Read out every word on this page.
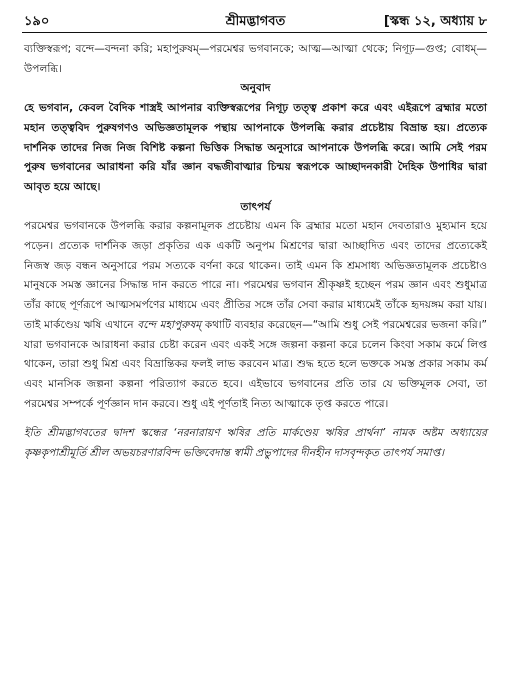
১৯০	শ্রীমদ্ভাগবত	[স্কন্ধ ১২, অধ্যায় ৮

ব্যক্তিস্বরূপ; বন্দে—বন্দনা করি; মহাপুরুষম্—পরমেশ্বর ভগবানকে; আত্ম—আত্মা থেকে; নিগূঢ়—গুপ্ত; বোধম্—উপলব্ধি।

অনুবাদ

হে ভগবান, কেবল বৈদিক শাস্ত্রই আপনার ব্যক্তিস্বরূপের নিগূঢ় তত্ত্ব প্রকাশ করে এবং এইরূপে ব্রহ্মার মতো মহান তত্ত্ববিদ পুরুষগণও অভিজ্ঞতামূলক পন্থায় আপনাকে উপলব্ধি করার প্রচেষ্টায় বিভ্রান্ত হয়। প্রত্যেক দার্শনিক তাদের নিজ নিজ বিশিষ্ট কল্পনা ভিত্তিক সিদ্ধান্ত অনুসারে আপনাকে উপলব্ধি করে। আমি সেই পরম পুরুষ ভগবানের আরাধনা করি যাঁর জ্ঞান বদ্ধজীবাত্মার চিন্ময় স্বরূপকে আচ্ছাদনকারী দৈহিক উপাধির দ্বারা আবৃত হয়ে আছে।

তাৎপর্য

পরমেশ্বর ভগবানকে উপলব্ধি করার কল্পনামূলক প্রচেষ্টায় এমন কি ব্রহ্মার মতো মহান দেবতারাও মুহ্যমান হয়ে পড়েন। প্রত্যেক দার্শনিক জড়া প্রকৃতির এক একটি অনুপম মিশ্রণের দ্বারা আচ্ছাদিত এবং তাদের প্রত্যেকেই নিজস্ব জড় বন্ধন অনুসারে পরম সত্যকে বর্ণনা করে থাকেন। তাই এমন কি শ্রমসাধ্য অভিজ্ঞতামূলক প্রচেষ্টাও মানুষকে সমস্ত জ্ঞানের সিদ্ধান্ত দান করতে পারে না। পরমেশ্বর ভগবান শ্রীকৃষ্ণই হচ্ছেন পরম জ্ঞান এবং শুধুমাত্র তাঁর কাছে পূর্ণরূপে আত্মসমর্পণের মাধ্যমে এবং প্রীতির সঙ্গে তাঁর সেবা করার মাধ্যমেই তাঁকে হৃদয়ঙ্গম করা যায়। তাই মার্কণ্ডেয় ঋষি এখানে বন্দে মহাপুরুষম্ কথাটি ব্যবহার করেছেন—“আমি শুধু সেই পরমেশ্বরের ভজনা করি।” যারা ভগবানকে আরাধনা করার চেষ্টা করেন এবং একই সঙ্গে জল্পনা কল্পনা করে চলেন কিংবা সকাম কর্মে লিপ্ত থাকেন, তারা শুধু মিশ্র এবং বিভ্রান্তিকর ফলই লাভ করবেন মাত্র। শুদ্ধ হতে হলে ভক্তকে সমস্ত প্রকার সকাম কর্ম এবং মানসিক জল্পনা কল্পনা পরিত্যাগ করতে হবে। এইভাবে ভগবানের প্রতি তার যে ভক্তিমূলক সেবা, তা পরমেশ্বর সম্পর্কে পূর্ণজ্ঞান দান করবে। শুধু এই পূর্ণতাই নিত্য আত্মাকে তৃপ্ত করতে পারে।

ইতি শ্রীমদ্ভাগবতের দ্বাদশ স্কন্ধের ‘নরনারায়ণ ঋষির প্রতি মার্কণ্ডেয় ঋষির প্রার্থনা’ নামক অষ্টম অধ্যায়ের কৃষ্ণকৃপাশ্রীমূর্তি শ্রীল অভয়চরণারবিন্দ ভক্তিবেদান্ত স্বামী প্রভুপাদের দীনহীন দাসবৃন্দকৃত তাৎপর্য সমাপ্ত।
